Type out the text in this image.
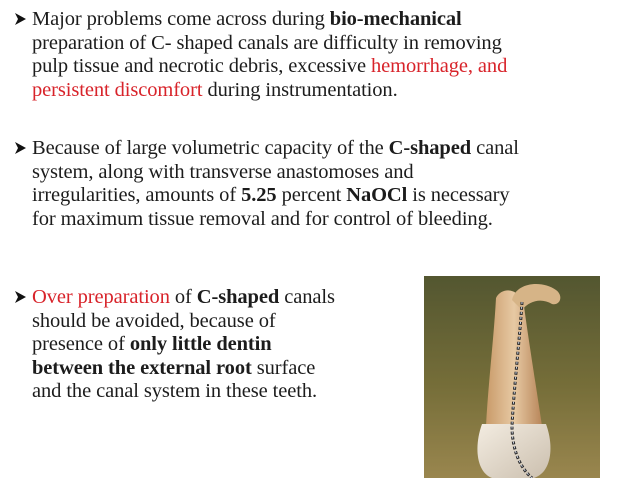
Major problems come across during bio-mechanical
preparation of C- shaped canals are difficulty in removing
pulp tissue and necrotic debris, excessive hemorrhage, and
persistent discomfort during instrumentation.
Because of large volumetric capacity of the C-shaped canal
system, along with transverse anastomoses and
irregularities, amounts of 5.25 percent NaOCl is necessary
for maximum tissue removal and for control of bleeding.
Over preparation of C-shaped canals
should be avoided, because of
presence of only little dentin
between the external root surface
and the canal system in these teeth.
